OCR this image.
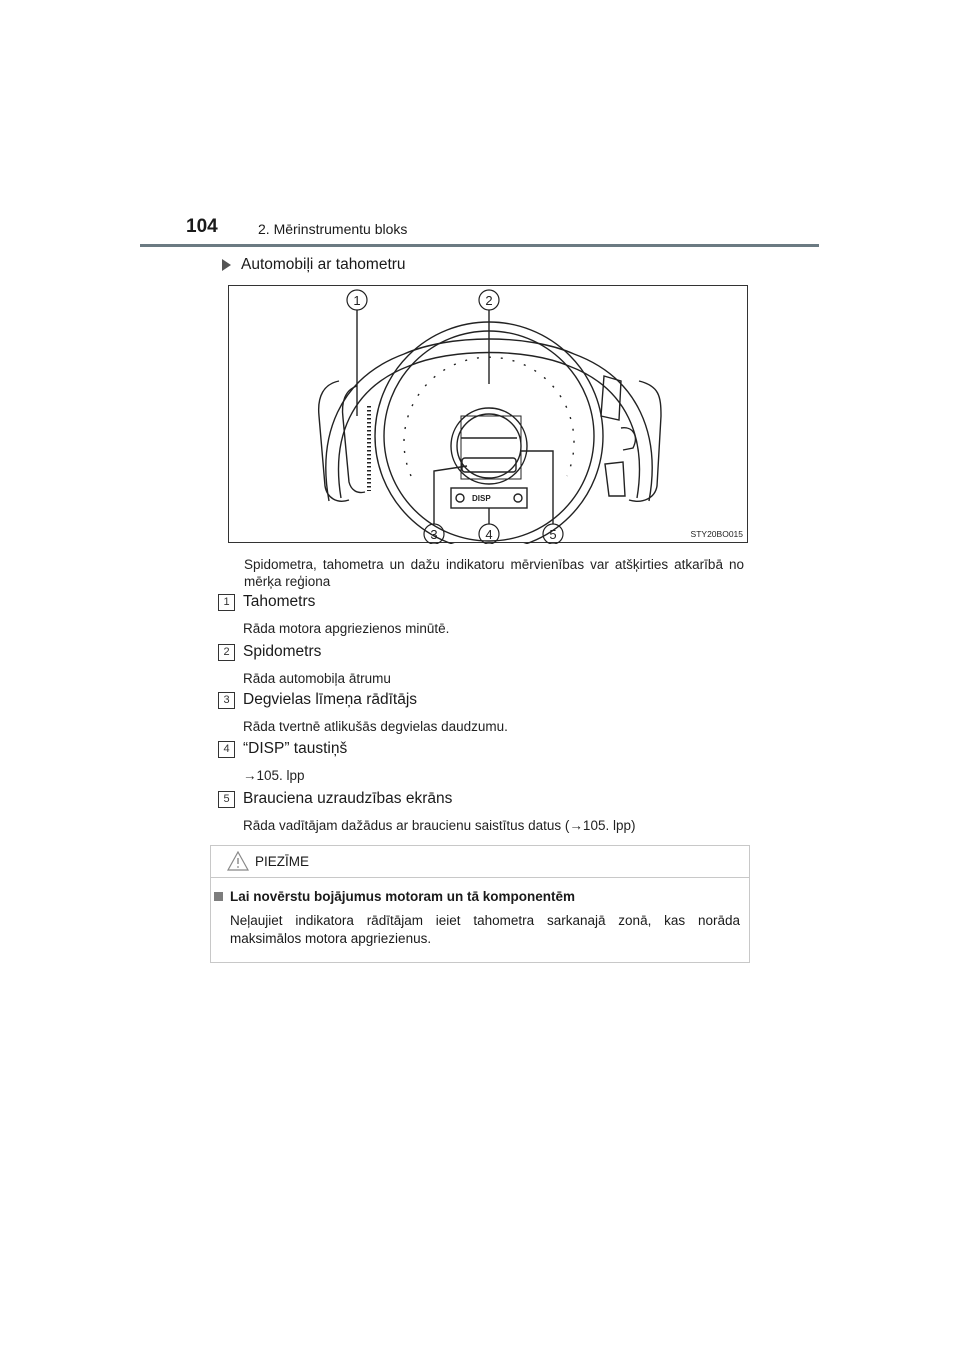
104	2. Mērinstrumentu bloks
Automobiļi ar tahometru
DISP
1	2
3	4	5	STY20BO015
Spidometra, tahometra un dažu indikatoru mērvienības var atšķirties atkarībā no mērķa reģiona
1 Tahometrs
Rāda motora apgriezienos minūtē.
2 Spidometrs
Rāda automobiļa ātrumu
3 Degvielas līmeņa rādītājs
Rāda tvertnē atlikušās degvielas daudzumu.
4 “DISP” taustiņš
→105. lpp
5 Brauciena uzraudzības ekrāns
Rāda vadītājam dažādus ar braucienu saistītus datus (→105. lpp)
PIEZĪME
Lai novērstu bojājumus motoram un tā komponentēm
Neļaujiet indikatora rādītājam ieiet tahometra sarkanajā zonā, kas norāda maksimālos motora apgriezienus.
